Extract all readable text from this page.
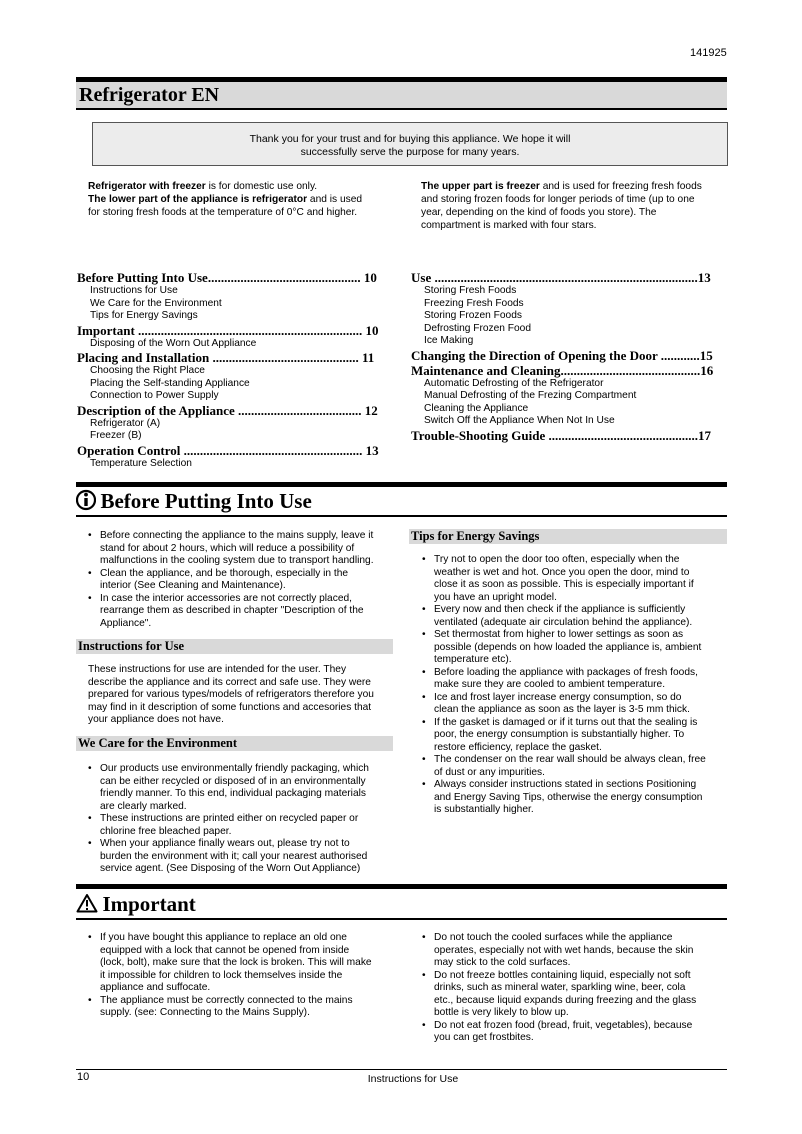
141925
Refrigerator EN
Thank you for your trust and for buying this appliance. We hope it will
successfully serve the purpose for many years.
Refrigerator with freezer is for domestic use only.
The lower part of the appliance is refrigerator and is used
for storing fresh foods at the temperature of 0°C and higher.
The upper part is freezer and is used for freezing fresh foods
and storing frozen foods for longer periods of time (up to one
year, depending on the kind of foods you store). The
compartment is marked with four stars.
Before Putting Into Use............................................... 10
Instructions for Use
We Care for the Environment
Tips for Energy Savings
Important ..................................................................... 10
Disposing of the Worn Out Appliance
Placing and Installation ............................................. 11
Choosing the Right Place
Placing the Self-standing Appliance
Connection to Power Supply
Description of the Appliance ...................................... 12
Refrigerator (A)
Freezer (B)
Operation Control ....................................................... 13
Temperature Selection
Use .................................................................................13
Storing Fresh Foods
Freezing Fresh Foods
Storing Frozen Foods
Defrosting Frozen Food
Ice Making
Changing the Direction of Opening the Door ............15
Maintenance and Cleaning...........................................16
Automatic Defrosting of the Refrigerator
Manual Defrosting of the Frezing Compartment
Cleaning the Appliance
Switch Off the Appliance When Not In Use
Trouble-Shooting Guide ..............................................17
Before Putting Into Use
• Before connecting the appliance to the mains supply, leave it
stand for about 2 hours, which will reduce a possibility of
malfunctions in the cooling system due to transport handling.
• Clean the appliance, and be thorough, especially in the
interior (See Cleaning and Maintenance).
• In case the interior accessories are not correctly placed,
rearrange them as described in chapter "Description of the
Appliance".
Instructions for Use
These instructions for use are intended for the user. They
describe the appliance and its correct and safe use. They were
prepared for various types/models of refrigerators therefore you
may find in it description of some functions and accesories that
your appliance does not have.
We Care for the Environment
• Our products use environmentally friendly packaging, which
can be either recycled or disposed of in an environmentally
friendly manner. To this end, individual packaging materials
are clearly marked.
• These instructions are printed either on recycled paper or
chlorine free bleached paper.
• When your appliance finally wears out, please try not to
burden the environment with it; call your nearest authorised
service agent. (See Disposing of the Worn Out Appliance)
Tips for Energy Savings
• Try not to open the door too often, especially when the
weather is wet and hot. Once you open the door, mind to
close it as soon as possible. This is especially important if
you have an upright model.
• Every now and then check if the appliance is sufficiently
ventilated (adequate air circulation behind the appliance).
• Set thermostat from higher to lower settings as soon as
possible (depends on how loaded the appliance is, ambient
temperature etc).
• Before loading the appliance with packages of fresh foods,
make sure they are cooled to ambient temperature.
• Ice and frost layer increase energy consumption, so do
clean the appliance as soon as the layer is 3-5 mm thick.
• If the gasket is damaged or if it turns out that the sealing is
poor, the energy consumption is substantially higher. To
restore efficiency, replace the gasket.
• The condenser on the rear wall should be always clean, free
of dust or any impurities.
• Always consider instructions stated in sections Positioning
and Energy Saving Tips, otherwise the energy consumption
is substantially higher.
Important
• If you have bought this appliance to replace an old one
equipped with a lock that cannot be opened from inside
(lock, bolt), make sure that the lock is broken. This will make
it impossible for children to lock themselves inside the
appliance and suffocate.
• The appliance must be correctly connected to the mains
supply. (see: Connecting to the Mains Supply).
• Do not touch the cooled surfaces while the appliance
operates, especially not with wet hands, because the skin
may stick to the cold surfaces.
• Do not freeze bottles containing liquid, especially not soft
drinks, such as mineral water, sparkling wine, beer, cola
etc., because liquid expands during freezing and the glass
bottle is very likely to blow up.
• Do not eat frozen food (bread, fruit, vegetables), because
you can get frostbites.
10	Instructions for Use
